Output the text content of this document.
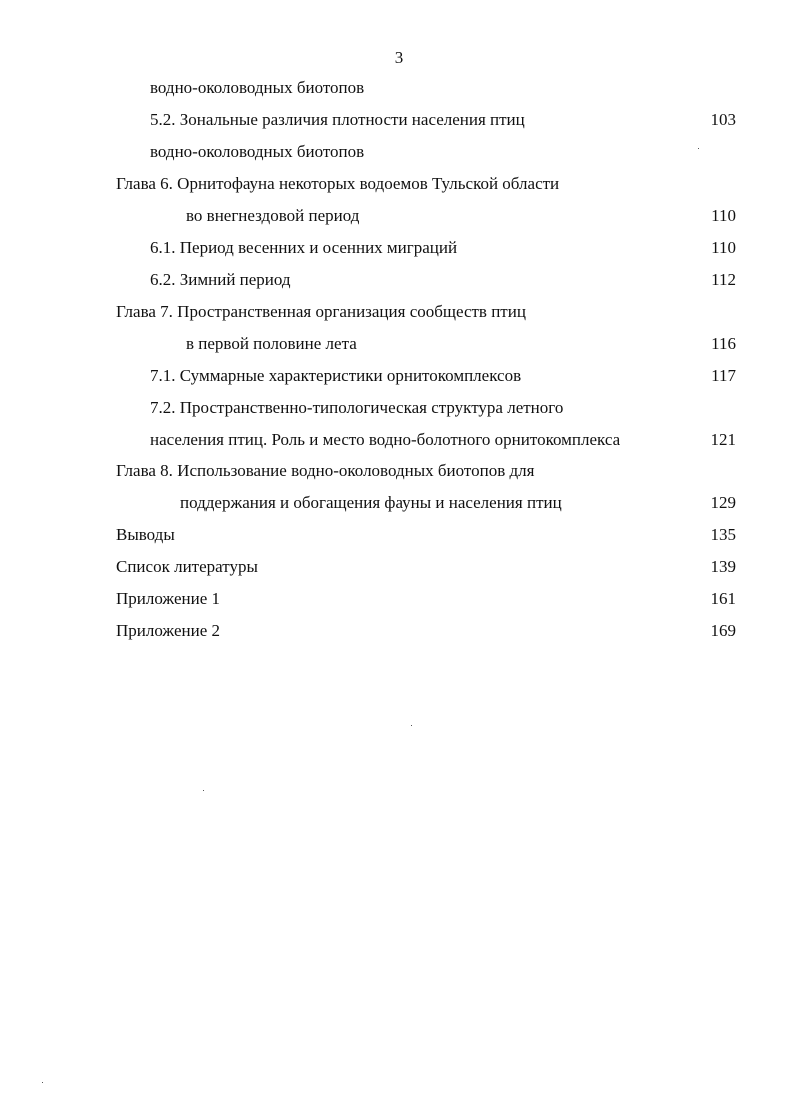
3
водно-околоводных биотопов
5.2. Зональные различия плотности населения птиц	103
водно-околоводных биотопов
Глава 6. Орнитофауна некоторых водоемов Тульской области
во внегнездовой период	110
6.1. Период весенних и осенних миграций	110
6.2. Зимний период	112
Глава 7. Пространственная организация сообществ птиц
в первой половине лета	116
7.1. Суммарные характеристики орнитокомплексов	117
7.2. Пространственно-типологическая структура летного
населения птиц. Роль и место водно-болотного орнитокомплекса	121
Глава 8. Использование водно-околоводных биотопов для
поддержания и обогащения фауны и населения птиц	129
Выводы	135
Список литературы	139
Приложение 1	161
Приложение 2	169
